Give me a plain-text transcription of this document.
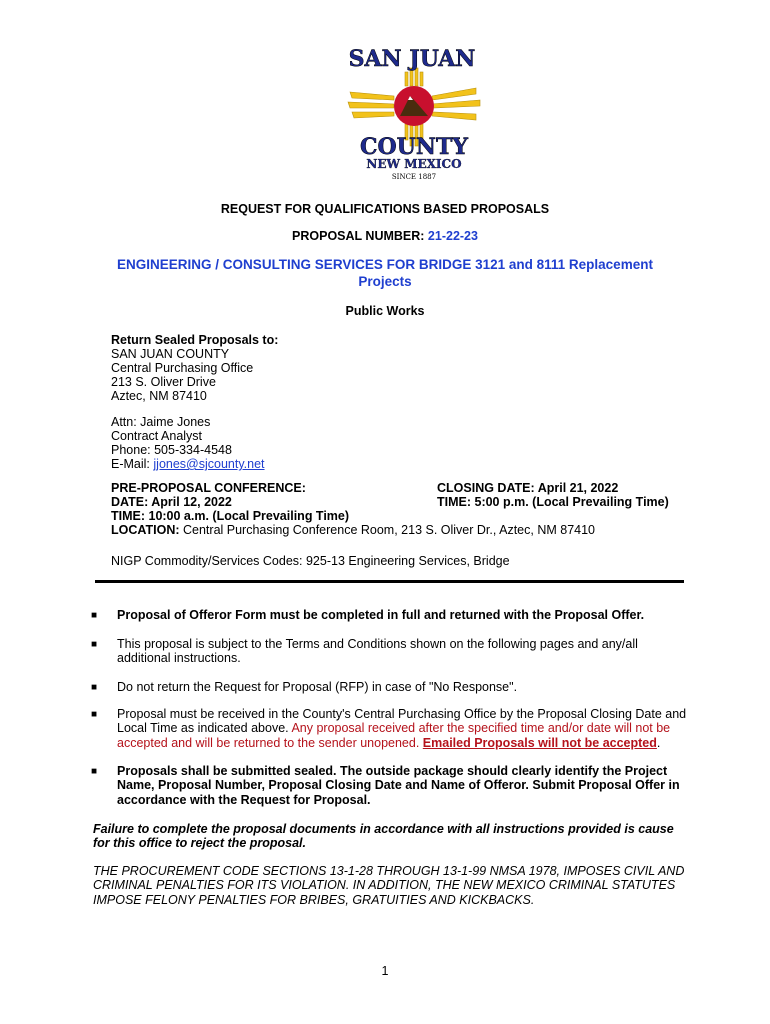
SAN JUAN
COUNTY
NEW MEXICO
SINCE 1887
REQUEST FOR QUALIFICATIONS BASED PROPOSALS
PROPOSAL NUMBER: 21-22-23
ENGINEERING / CONSULTING SERVICES FOR BRIDGE 3121 and 8111 Replacement
Projects
Public Works
Return Sealed Proposals to:
SAN JUAN COUNTY
Central Purchasing Office
213 S. Oliver Drive
Aztec, NM 87410
Attn: Jaime Jones
Contract Analyst
Phone: 505-334-4548
E-Mail: jjones@sjcounty.net
PRE-PROPOSAL CONFERENCE:
DATE: April 12, 2022
TIME: 10:00 a.m. (Local Prevailing Time)
LOCATION: Central Purchasing Conference Room, 213 S. Oliver Dr., Aztec, NM 87410
CLOSING DATE: April 21, 2022
TIME: 5:00 p.m. (Local Prevailing Time)
NIGP Commodity/Services Codes: 925-13 Engineering Services, Bridge
■ Proposal of Offeror Form must be completed in full and returned with the Proposal Offer.
■ This proposal is subject to the Terms and Conditions shown on the following pages and any/all
additional instructions.
■ Do not return the Request for Proposal (RFP) in case of "No Response".
■ Proposal must be received in the County's Central Purchasing Office by the Proposal Closing Date and
Local Time as indicated above. Any proposal received after the specified time and/or date will not be
accepted and will be returned to the sender unopened. Emailed Proposals will not be accepted.
■ Proposals shall be submitted sealed. The outside package should clearly identify the Project
Name, Proposal Number, Proposal Closing Date and Name of Offeror. Submit Proposal Offer in
accordance with the Request for Proposal.
Failure to complete the proposal documents in accordance with all instructions provided is cause
for this office to reject the proposal.
THE PROCUREMENT CODE SECTIONS 13-1-28 THROUGH 13-1-99 NMSA 1978, IMPOSES CIVIL AND
CRIMINAL PENALTIES FOR ITS VIOLATION. IN ADDITION, THE NEW MEXICO CRIMINAL STATUTES
IMPOSE FELONY PENALTIES FOR BRIBES, GRATUITIES AND KICKBACKS.
1
